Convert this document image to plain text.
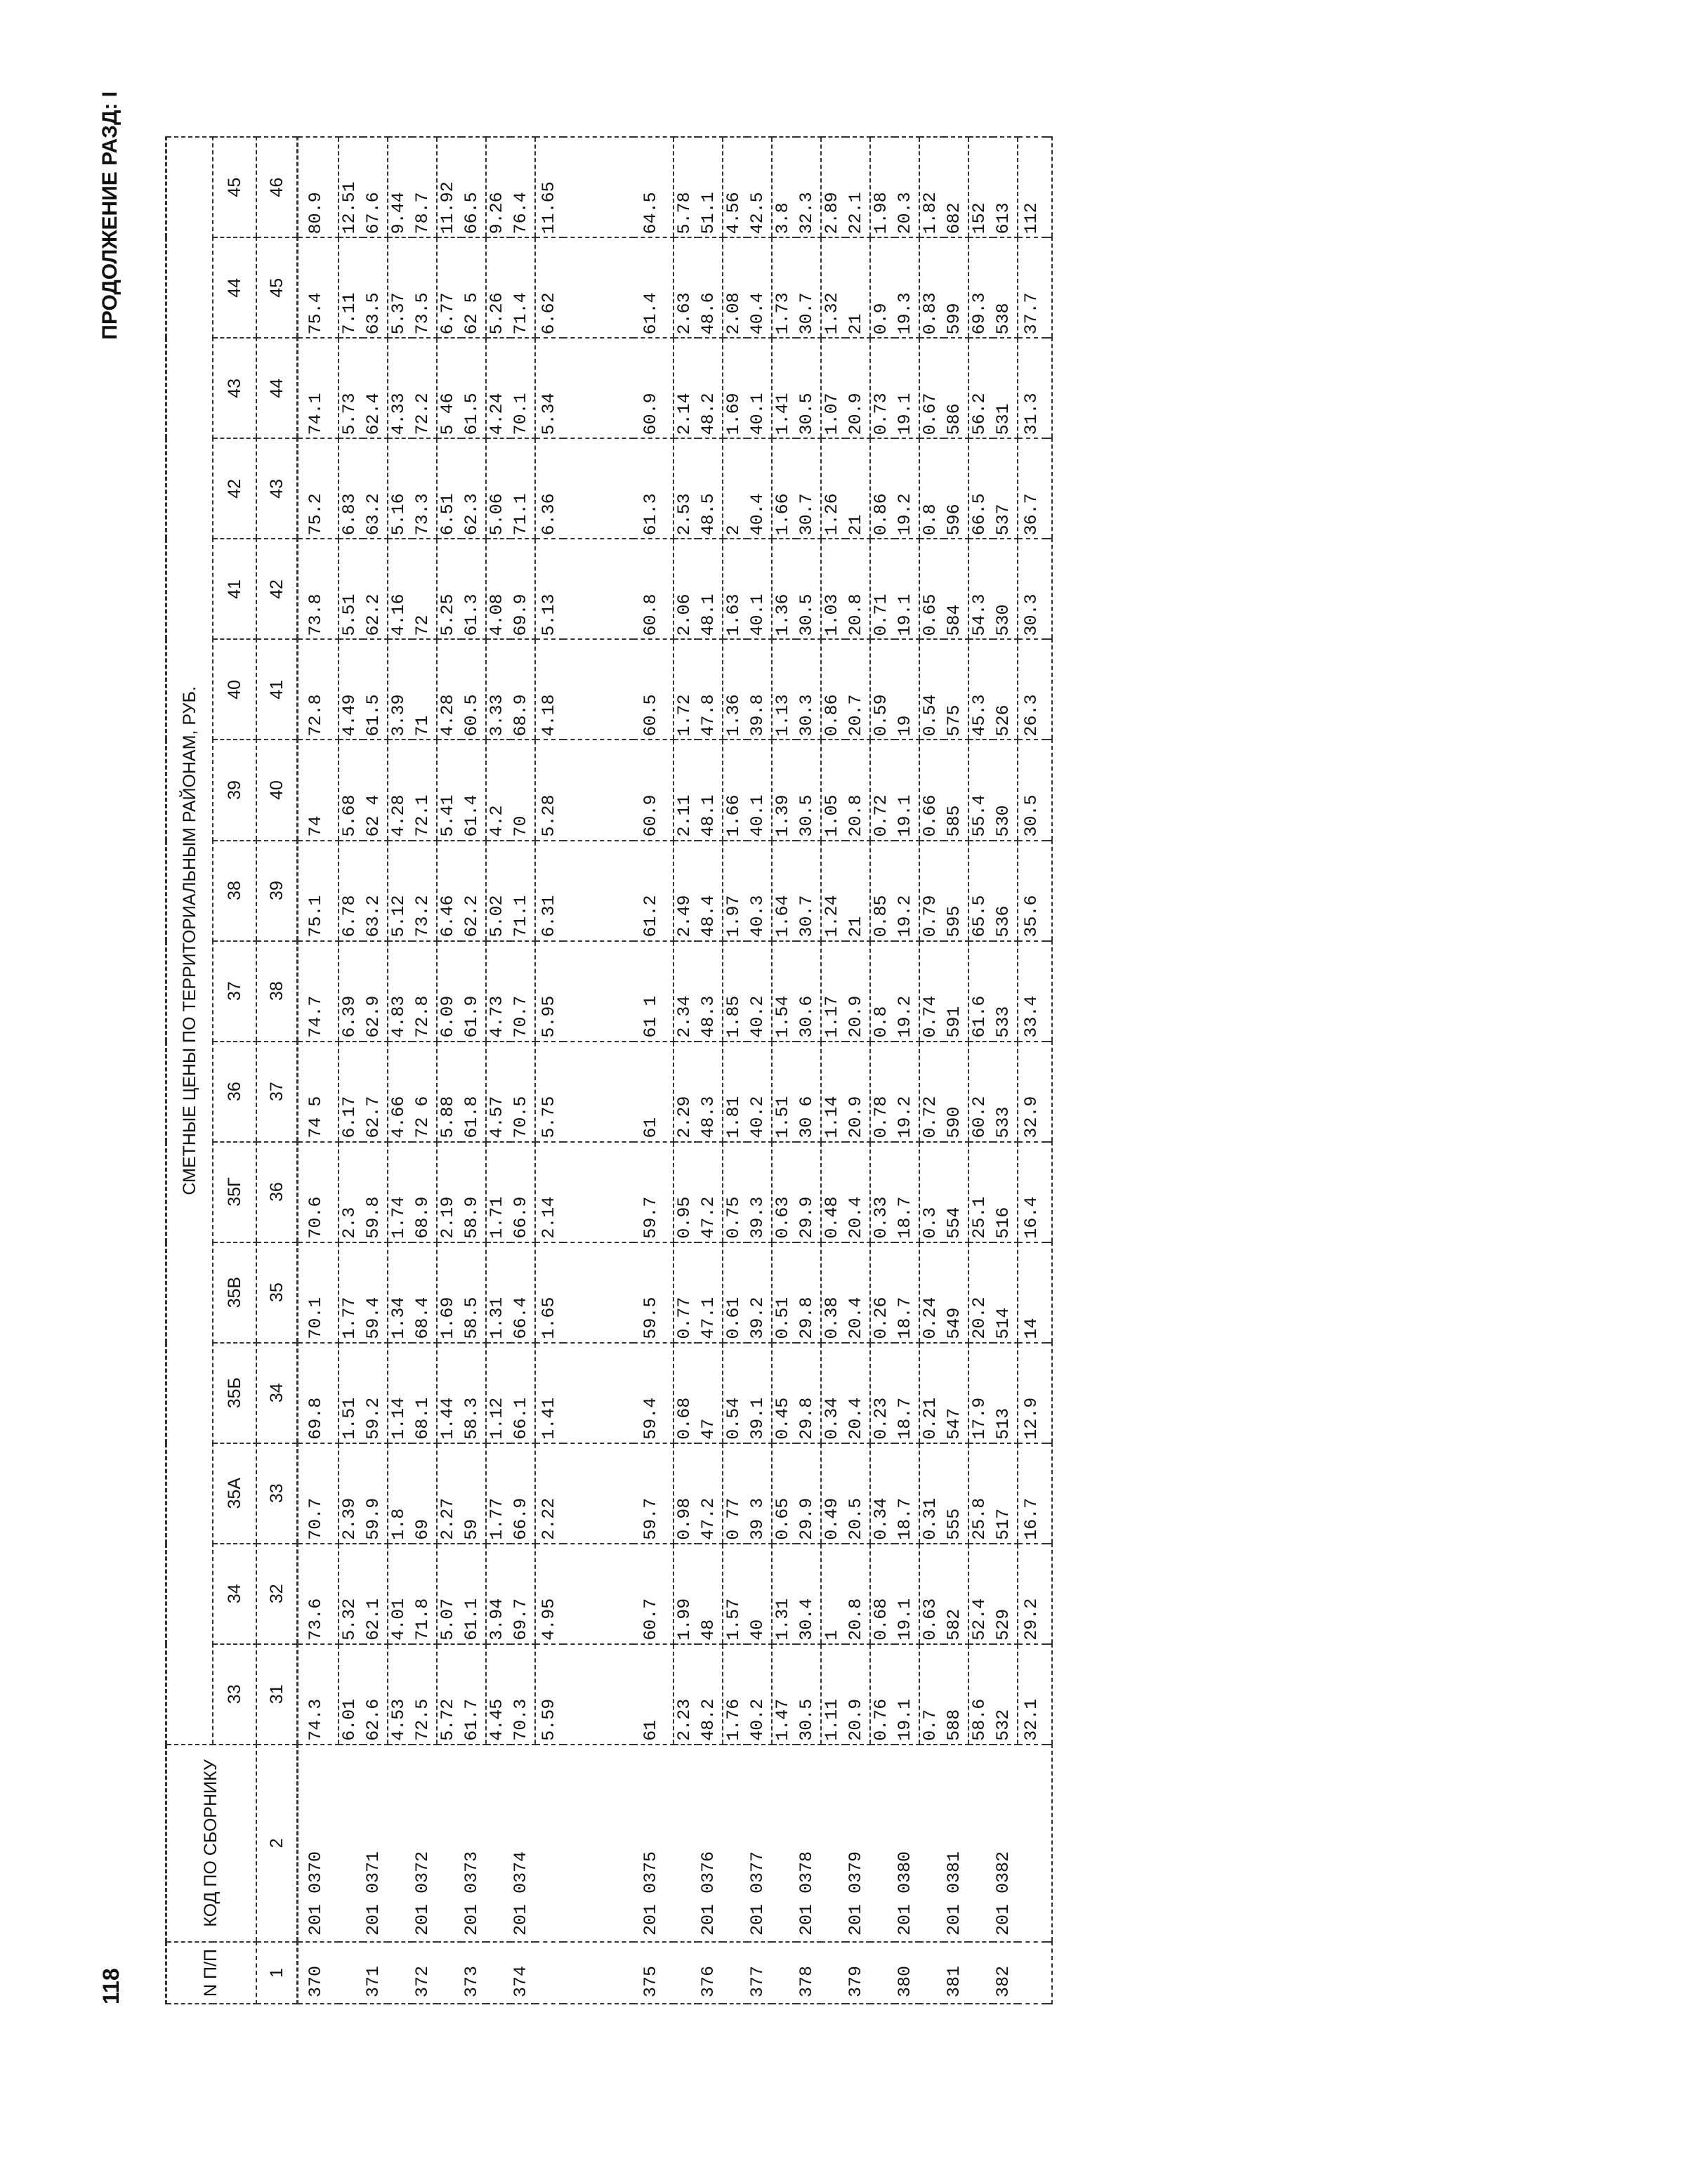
118
ПРОДОЛЖЕНИЕ РАЗД: I

N П/П	КОД ПО СБОРНИКУ	СМЕТНЫЕ ЦЕНЫ ПО ТЕРРИТОРИАЛЬНЫМ РАЙОНАМ, РУБ.															
		33	34	35А	35Б	35В	35Г	36	37	38	39	40	41	42	43	44	45
1	2	31	32	33	34	35	36	37	38	39	40	41	42	43	44	45	46
370	201 0370	74.3	73.6	70.7	69.8	70.1	70.6	74 5	74.7	75.1	74	72.8	73.8	75.2	74.1	75.4	80.9
		6.01	5.32	2.39	1.51	1.77	2.3	6.17	6.39	6.78	5.68	4.49	5.51	6.83	5.73	7.11	12.51
371	201 0371	62.6	62.1	59.9	59.2	59.4	59.8	62.7	62.9	63.2	62 4	61.5	62.2	63.2	62.4	63.5	67.6
		4.53	4.01	1.8	1.14	1.34	1.74	4.66	4.83	5.12	4.28	3.39	4.16	5.16	4.33	5.37	9.44
372	201 0372	72.5	71.8	69	68.1	68.4	68.9	72 6	72.8	73.2	72.1	71	72	73.3	72.2	73.5	78.7
		5.72	5.07	2.27	1.44	1.69	2.19	5.88	6.09	6.46	5.41	4.28	5.25	6.51	5 46	6.77	11.92
373	201 0373	61.7	61.1	59	58.3	58.5	58.9	61.8	61.9	62.2	61.4	60.5	61.3	62.3	61.5	62 5	66.5
		4.45	3.94	1.77	1.12	1.31	1.71	4.57	4.73	5.02	4.2	3.33	4.08	5.06	4.24	5.26	9.26
374	201 0374	70.3	69.7	66.9	66.1	66.4	66.9	70.5	70.7	71.1	70	68.9	69.9	71.1	70.1	71.4	76.4
		5.59	4.95	2.22	1.41	1.65	2.14	5.75	5.95	6.31	5.28	4.18	5.13	6.36	5.34	6.62	11.65

375	201 0375	61	60.7	59.7	59.4	59.5	59.7	61	61 1	61.2	60.9	60.5	60.8	61.3	60.9	61.4	64.5
		2.23	1.99	0.98	0.68	0.77	0.95	2.29	2.34	2.49	2.11	1.72	2.06	2.53	2.14	2.63	5.78
376	201 0376	48.2	48	47.2	47	47.1	47.2	48.3	48.3	48.4	48.1	47.8	48.1	48.5	48.2	48.6	51.1
		1.76	1.57	0 77	0.54	0.61	0.75	1.81	1.85	1.97	1.66	1.36	1.63	2	1.69	2.08	4.56
377	201 0377	40.2	40	39 3	39.1	39.2	39.3	40.2	40.2	40.3	40.1	39.8	40.1	40.4	40.1	40.4	42.5
		1.47	1.31	0.65	0.45	0.51	0.63	1.51	1.54	1.64	1.39	1.13	1.36	1.66	1.41	1.73	3.8
378	201 0378	30.5	30.4	29.9	29.8	29.8	29.9	30 6	30.6	30.7	30.5	30.3	30.5	30.7	30.5	30.7	32.3
		1.11	1	0.49	0.34	0.38	0.48	1.14	1.17	1.24	1.05	0.86	1.03	1.26	1.07	1.32	2.89
379	201 0379	20.9	20.8	20.5	20.4	20.4	20.4	20.9	20.9	21	20.8	20.7	20.8	21	20.9	21	22.1
		0.76	0.68	0.34	0.23	0.26	0.33	0.78	0.8	0.85	0.72	0.59	0.71	0.86	0.73	0.9	1.98
380	201 0380	19.1	19.1	18.7	18.7	18.7	18.7	19.2	19.2	19.2	19.1	19	19.1	19.2	19.1	19.3	20.3
		0.7	0.63	0.31	0.21	0.24	0.3	0.72	0.74	0.79	0.66	0.54	0.65	0.8	0.67	0.83	1.82
381	201 0381	588	582	555	547	549	554	590	591	595	585	575	584	596	586	599	682
		58.6	52.4	25.8	17.9	20.2	25.1	60.2	61.6	65.5	55.4	45.3	54.3	66.5	56.2	69.3	152
382	201 0382	532	529	517	513	514	516	533	533	536	530	526	530	537	531	538	613
		32.1	29.2	16.7	12.9	14	16.4	32.9	33.4	35.6	30.5	26.3	30.3	36.7	31.3	37.7	112
